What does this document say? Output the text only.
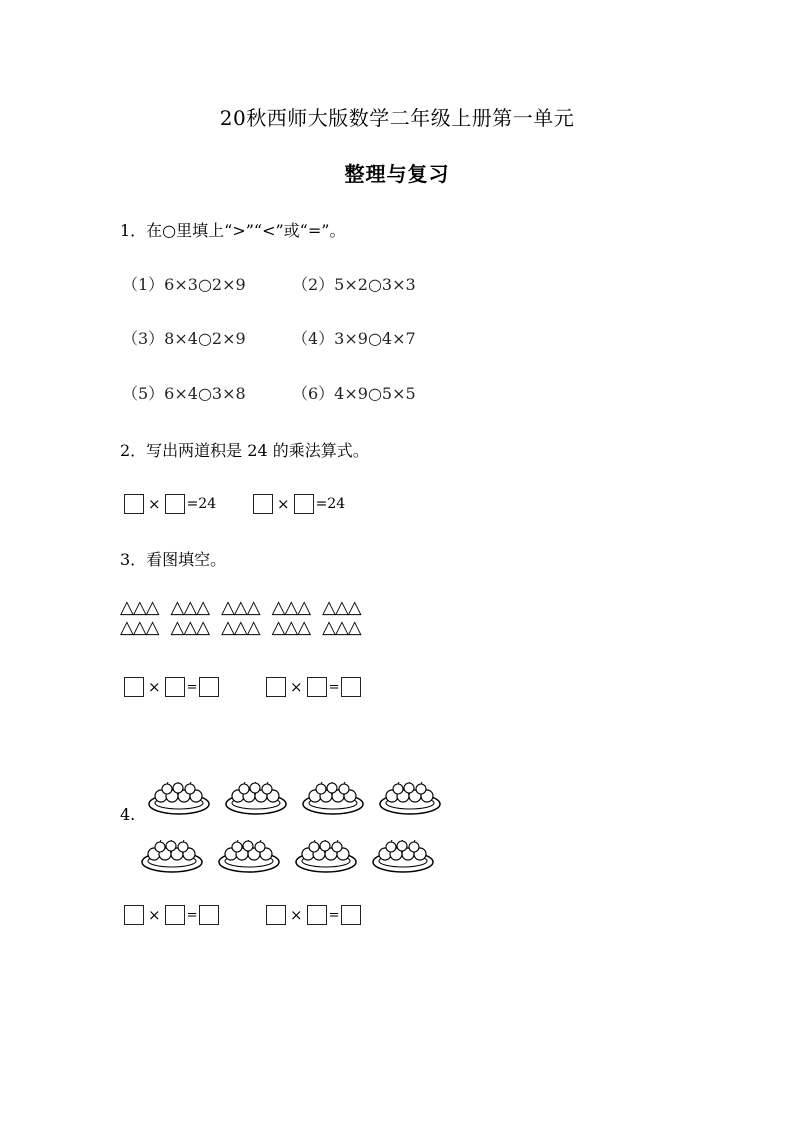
20秋西师大版数学二年级上册第一单元
整理与复习
1．在○里填上“>”“<”或“=”。
（1）6×3○2×9	（2）5×2○3×3
（3）8×4○2×9	（4）3×9○4×7
（5）6×4○3×8	（6）4×9○5×5
2．写出两道积是 24 的乘法算式。
× =24	× =24
3．看图填空。
△△△ △△△ △△△ △△△ △△△
△△△ △△△ △△△ △△△ △△△
× =	× =
4.
× =	× =
